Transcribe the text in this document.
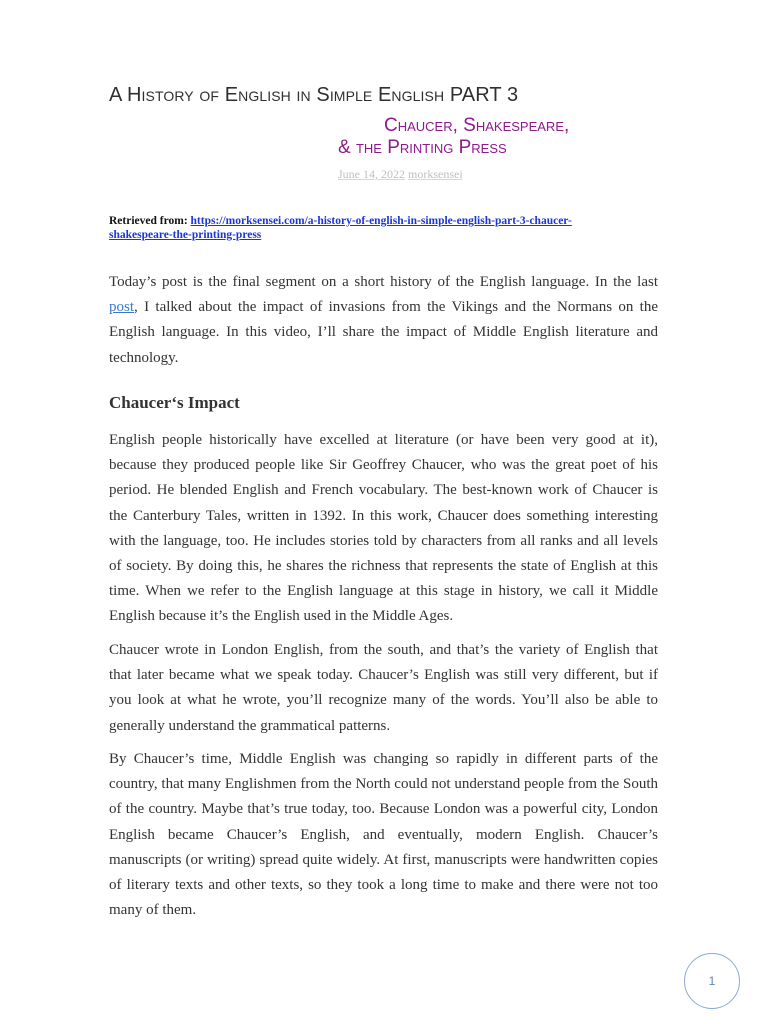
A History of English in Simple English PART 3
Chaucer, Shakespeare,
& the Printing Press
June 14, 2022 morksensei
Retrieved from: https://morksensei.com/a-history-of-english-in-simple-english-part-3-chaucer-
shakespeare-the-printing-press

Today’s post is the final segment on a short history of the English language. In the last post, I talked about the impact of invasions from the Vikings and the Normans on the English language. In this video, I’ll share the impact of Middle English literature and technology.

Chaucer‘s Impact

English people historically have excelled at literature (or have been very good at it), because they produced people like Sir Geoffrey Chaucer, who was the great poet of his period. He blended English and French vocabulary. The best-known work of Chaucer is the Canterbury Tales, written in 1392. In this work, Chaucer does something interesting with the language, too. He includes stories told by characters from all ranks and all levels of society. By doing this, he shares the richness that represents the state of English at this time. When we refer to the English language at this stage in history, we call it Middle English because it’s the English used in the Middle Ages.

Chaucer wrote in London English, from the south, and that’s the variety of English that that later became what we speak today. Chaucer’s English was still very different, but if you look at what he wrote, you’ll recognize many of the words. You’ll also be able to generally understand the grammatical patterns.

By Chaucer’s time, Middle English was changing so rapidly in different parts of the country, that many Englishmen from the North could not understand people from the South of the country. Maybe that’s true today, too. Because London was a powerful city, London English became Chaucer’s English, and eventually, modern English. Chaucer’s manuscripts (or writing) spread quite widely. At first, manuscripts were handwritten copies of literary texts and other texts, so they took a long time to make and there were not too many of them.

1
